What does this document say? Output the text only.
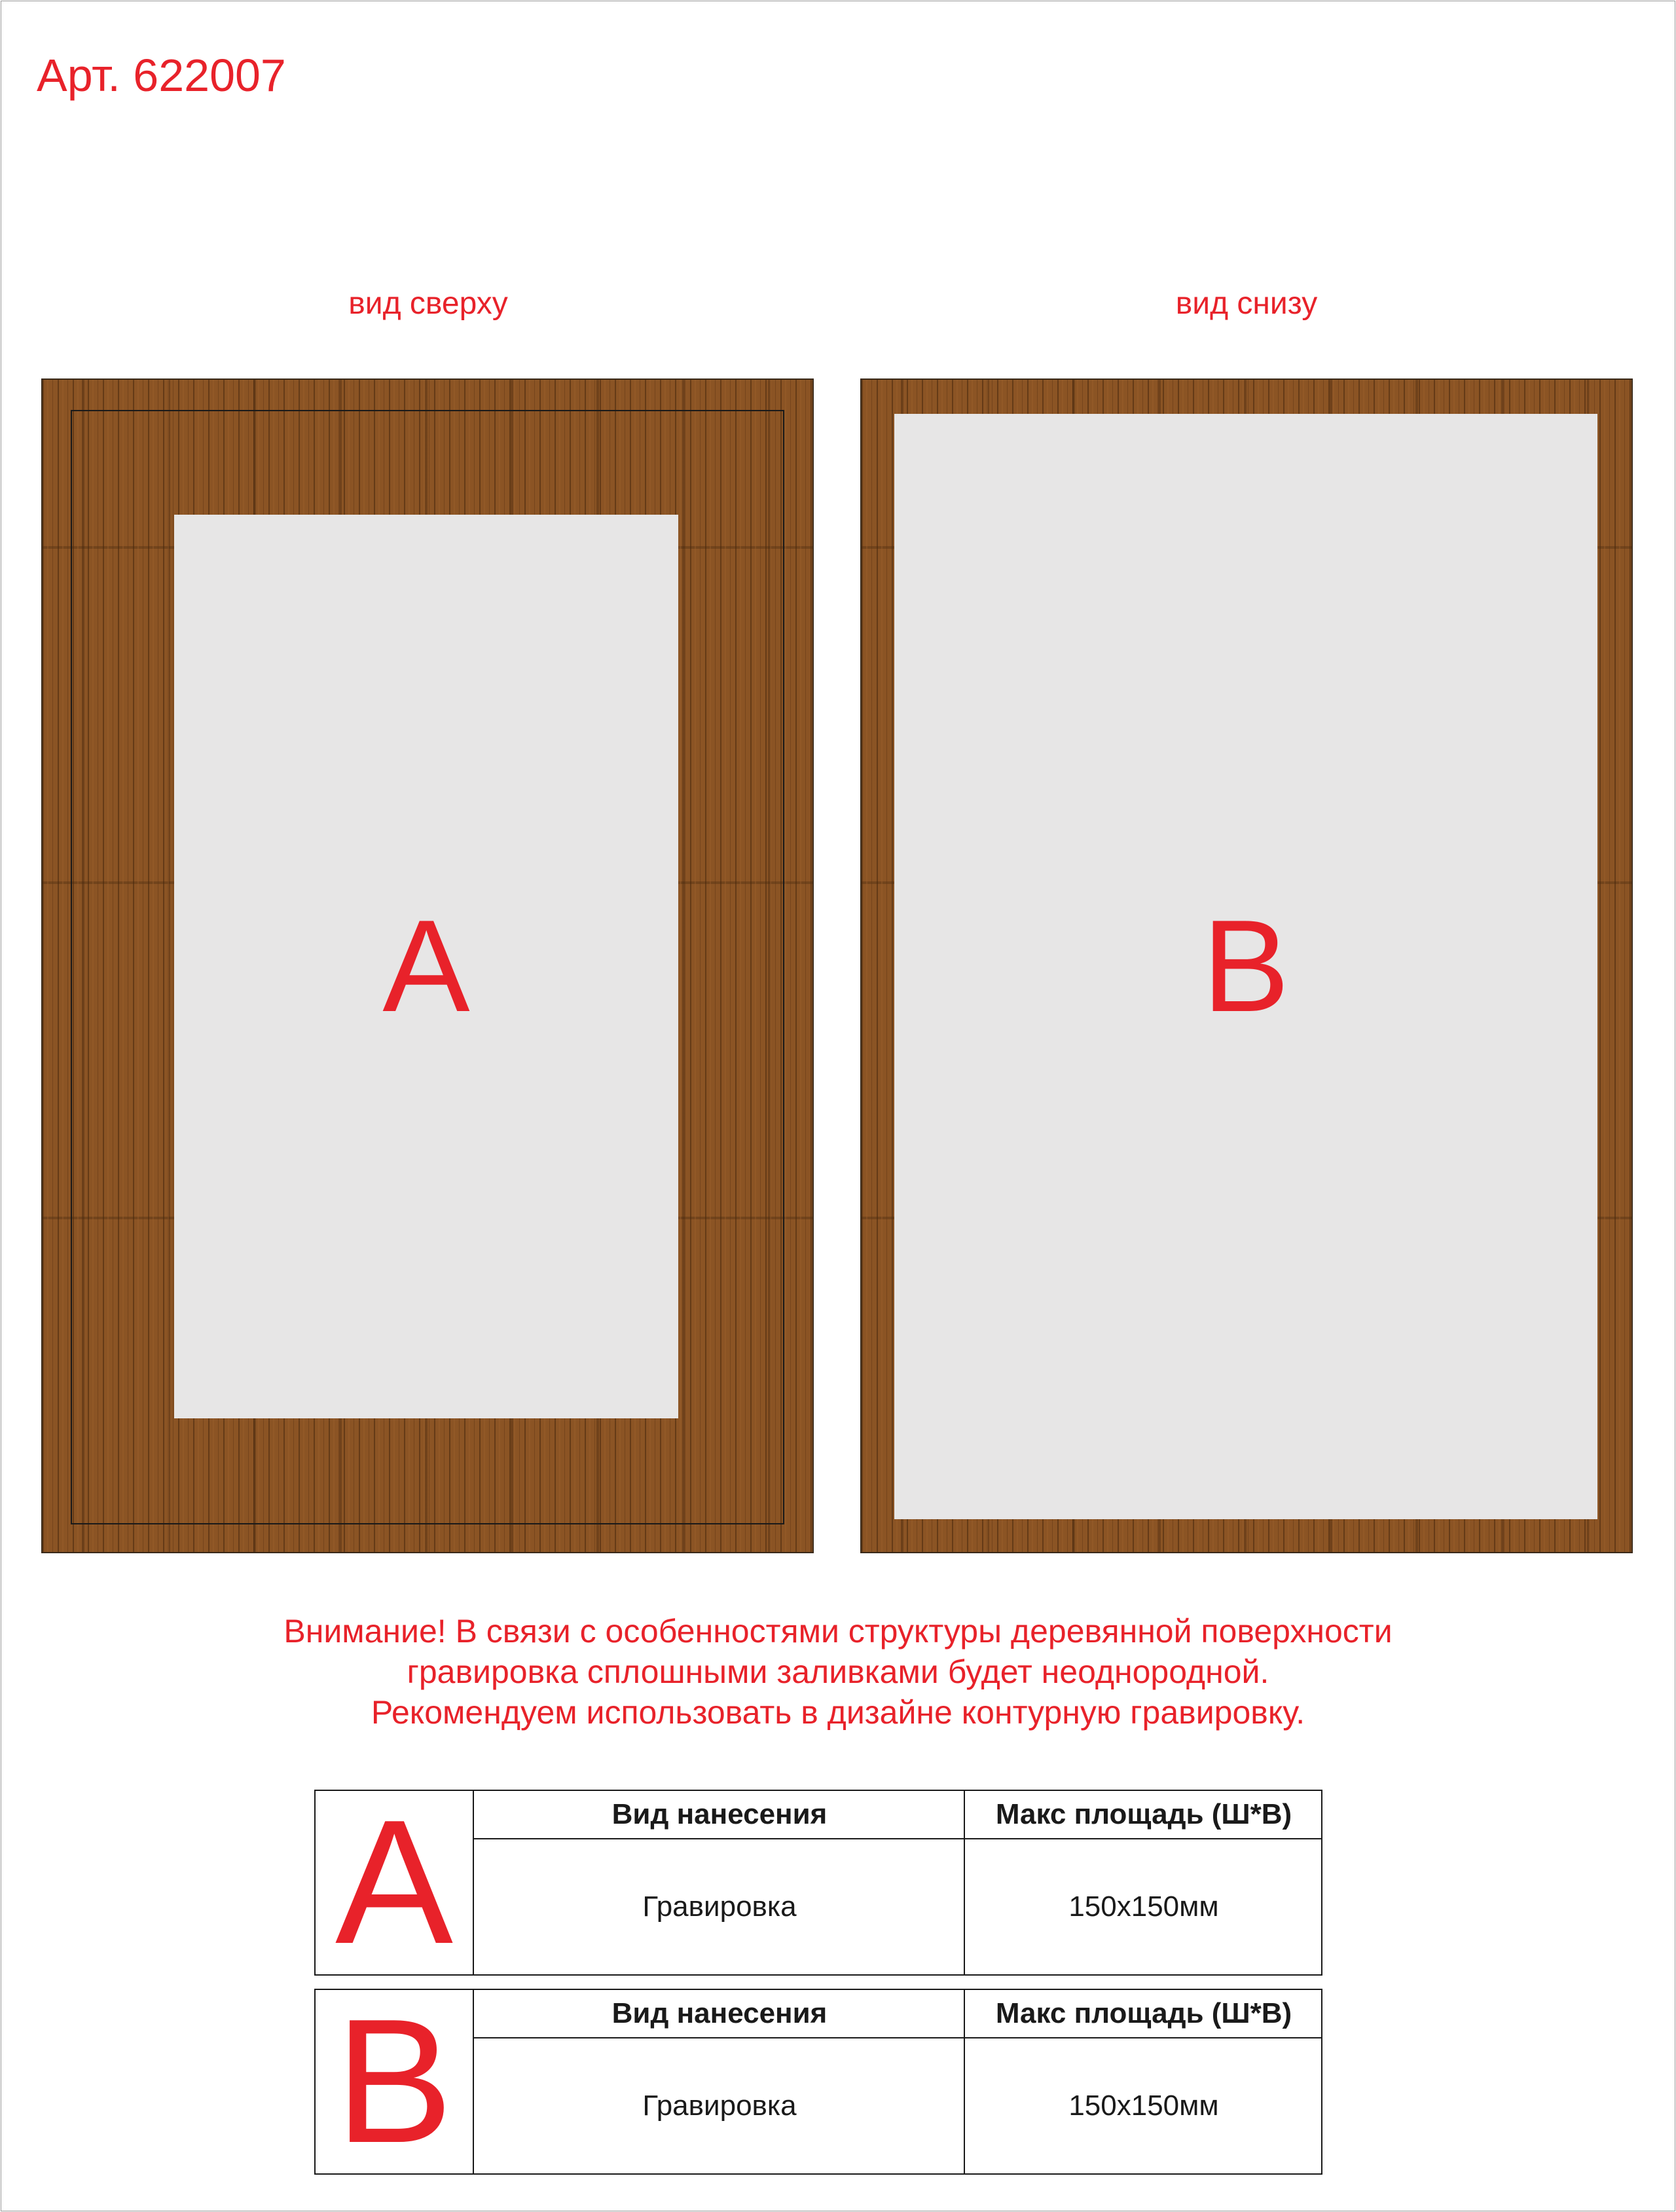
Арт. 622007
вид сверху	вид снизу
A	B
Внимание! В связи с особенностями структуры деревянной поверхности
гравировка сплошными заливками будет неоднородной.
Рекомендуем использовать в дизайне контурную гравировку.
A	Вид нанесения	Макс площадь (Ш*В)
Гравировка	150x150мм
B	Вид нанесения	Макс площадь (Ш*В)
Гравировка	150x150мм
